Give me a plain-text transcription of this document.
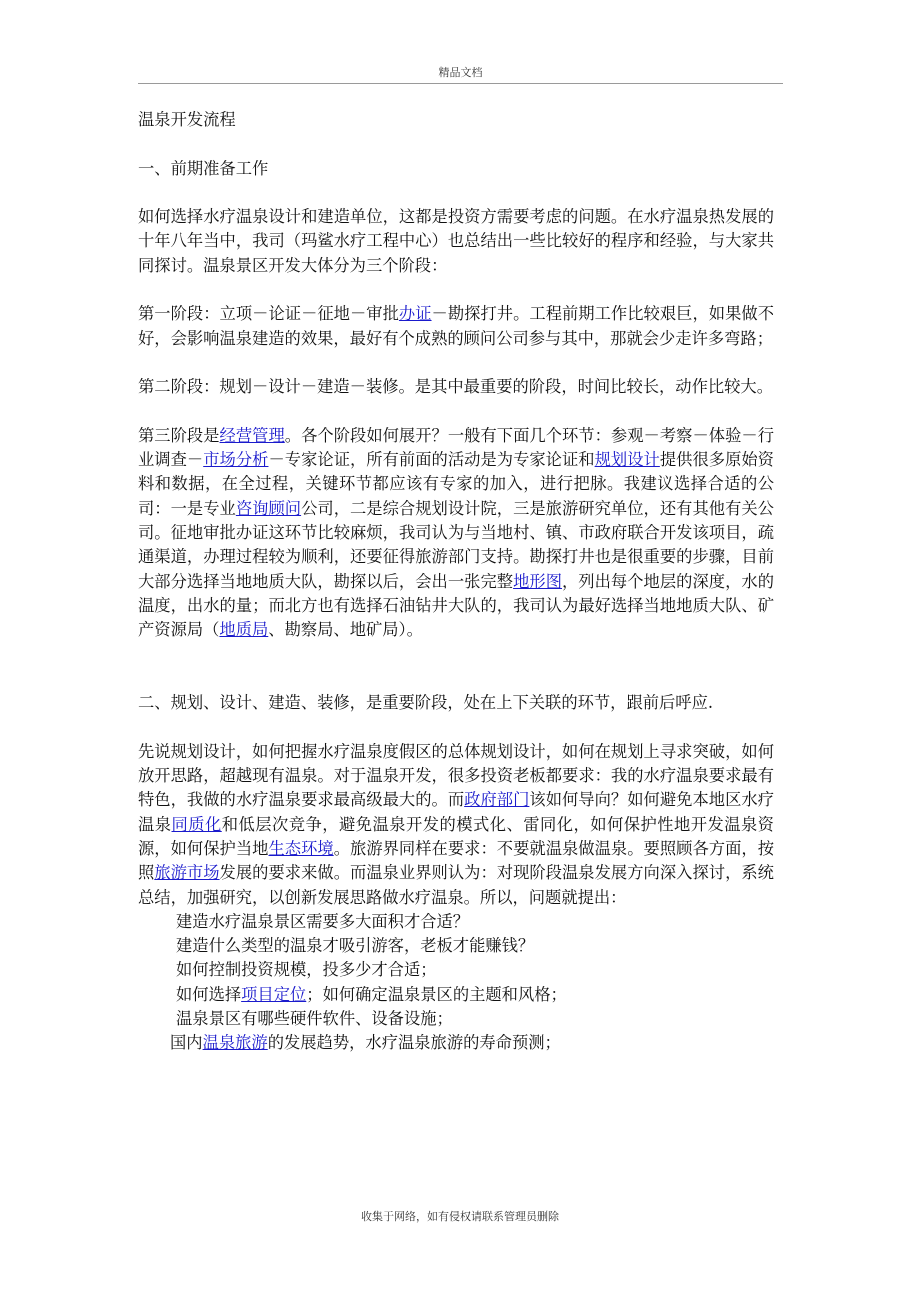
精品文档

温泉开发流程

一、前期准备工作

如何选择水疗温泉设计和建造单位，这都是投资方需要考虑的问题。在水疗温泉热发展的十年八年当中，我司（玛鲨水疗工程中心）也总结出一些比较好的程序和经验，与大家共同探讨。温泉景区开发大体分为三个阶段：

第一阶段：立项－论证－征地－审批办证－勘探打井。工程前期工作比较艰巨，如果做不好，会影响温泉建造的效果，最好有个成熟的顾问公司参与其中，那就会少走许多弯路；

第二阶段：规划－设计－建造－装修。是其中最重要的阶段，时间比较长，动作比较大。

第三阶段是经营管理。各个阶段如何展开？一般有下面几个环节：参观－考察－体验－行业调查－市场分析－专家论证，所有前面的活动是为专家论证和规划设计提供很多原始资料和数据，在全过程，关键环节都应该有专家的加入，进行把脉。我建议选择合适的公司：一是专业咨询顾问公司，二是综合规划设计院，三是旅游研究单位，还有其他有关公司。征地审批办证这环节比较麻烦，我司认为与当地村、镇、市政府联合开发该项目，疏通渠道，办理过程较为顺利，还要征得旅游部门支持。勘探打井也是很重要的步骤，目前大部分选择当地地质大队，勘探以后，会出一张完整地形图，列出每个地层的深度，水的温度，出水的量；而北方也有选择石油钻井大队的，我司认为最好选择当地地质大队、矿产资源局（地质局、勘察局、地矿局）。

二、规划、设计、建造、装修，是重要阶段，处在上下关联的环节，跟前后呼应.

先说规划设计，如何把握水疗温泉度假区的总体规划设计，如何在规划上寻求突破，如何放开思路，超越现有温泉。对于温泉开发，很多投资老板都要求：我的水疗温泉要求最有特色，我做的水疗温泉要求最高级最大的。而政府部门该如何导向？如何避免本地区水疗温泉同质化和低层次竞争，避免温泉开发的模式化、雷同化，如何保护性地开发温泉资源，如何保护当地生态环境。旅游界同样在要求：不要就温泉做温泉。要照顾各方面，按照旅游市场发展的要求来做。而温泉业界则认为：对现阶段温泉发展方向深入探讨，系统总结，加强研究，以创新发展思路做水疗温泉。所以，问题就提出：

建造水疗温泉景区需要多大面积才合适？

建造什么类型的温泉才吸引游客，老板才能赚钱？

如何控制投资规模，投多少才合适；

如何选择项目定位；如何确定温泉景区的主题和风格；

温泉景区有哪些硬件软件、设备设施；

国内温泉旅游的发展趋势，水疗温泉旅游的寿命预测；

收集于网络，如有侵权请联系管理员删除
